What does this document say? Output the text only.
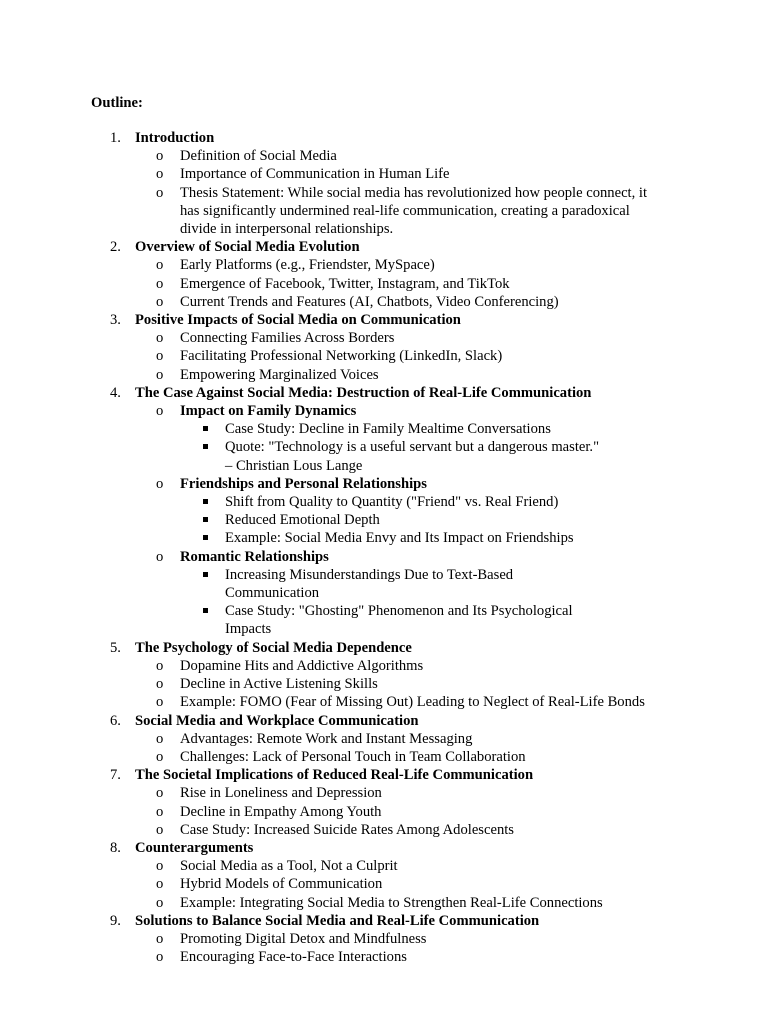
Outline:
1. Introduction
o Definition of Social Media
o Importance of Communication in Human Life
o Thesis Statement: While social media has revolutionized how people connect, it has significantly undermined real-life communication, creating a paradoxical divide in interpersonal relationships.
2. Overview of Social Media Evolution
o Early Platforms (e.g., Friendster, MySpace)
o Emergence of Facebook, Twitter, Instagram, and TikTok
o Current Trends and Features (AI, Chatbots, Video Conferencing)
3. Positive Impacts of Social Media on Communication
o Connecting Families Across Borders
o Facilitating Professional Networking (LinkedIn, Slack)
o Empowering Marginalized Voices
4. The Case Against Social Media: Destruction of Real-Life Communication
o Impact on Family Dynamics
Case Study: Decline in Family Mealtime Conversations
Quote: "Technology is a useful servant but a dangerous master." – Christian Lous Lange
o Friendships and Personal Relationships
Shift from Quality to Quantity ("Friend" vs. Real Friend)
Reduced Emotional Depth
Example: Social Media Envy and Its Impact on Friendships
o Romantic Relationships
Increasing Misunderstandings Due to Text-Based Communication
Case Study: "Ghosting" Phenomenon and Its Psychological Impacts
5. The Psychology of Social Media Dependence
o Dopamine Hits and Addictive Algorithms
o Decline in Active Listening Skills
o Example: FOMO (Fear of Missing Out) Leading to Neglect of Real-Life Bonds
6. Social Media and Workplace Communication
o Advantages: Remote Work and Instant Messaging
o Challenges: Lack of Personal Touch in Team Collaboration
7. The Societal Implications of Reduced Real-Life Communication
o Rise in Loneliness and Depression
o Decline in Empathy Among Youth
o Case Study: Increased Suicide Rates Among Adolescents
8. Counterarguments
o Social Media as a Tool, Not a Culprit
o Hybrid Models of Communication
o Example: Integrating Social Media to Strengthen Real-Life Connections
9. Solutions to Balance Social Media and Real-Life Communication
o Promoting Digital Detox and Mindfulness
o Encouraging Face-to-Face Interactions
